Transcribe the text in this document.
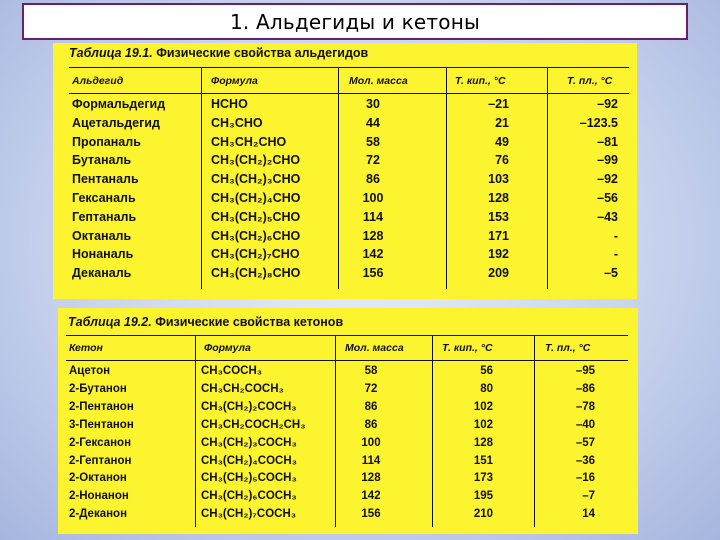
1. Альдегиды и кетоны
Таблица 19.1. Физические свойства альдегидов
Альдегид	Формула	Мол. масса	Т. кип., °С	Т. пл., °С
Формальдегид	HCHO	30	–21	–92
Ацетальдегид	CH₃CHO	44	21	–123.5
Пропаналь	CH₃CH₂CHO	58	49	–81
Бутаналь	CH₃(CH₂)₂CHO	72	76	–99
Пентаналь	CH₃(CH₂)₃CHO	86	103	–92
Гексаналь	CH₃(CH₂)₄CHO	100	128	–56
Гептаналь	CH₃(CH₂)₅CHO	114	153	–43
Октаналь	CH₃(CH₂)₆CHO	128	171	-
Нонаналь	CH₃(CH₂)₇CHO	142	192	-
Деканаль	CH₃(CH₂)₈CHO	156	209	–5
Таблица 19.2. Физические свойства кетонов
Кетон	Формула	Мол. масса	Т. кип., °С	Т. пл., °С
Ацетон	CH₃COCH₃	58	56	–95
2-Бутанон	CH₃CH₂COCH₃	72	80	–86
2-Пентанон	CH₃(CH₂)₂COCH₃	86	102	–78
3-Пентанон	CH₃CH₂COCH₂CH₃	86	102	–40
2-Гексанон	CH₃(CH₂)₃COCH₃	100	128	–57
2-Гептанон	CH₃(CH₂)₄COCH₃	114	151	–36
2-Октанон	CH₃(CH₂)₅COCH₃	128	173	–16
2-Нонанон	CH₃(CH₂)₆COCH₃	142	195	–7
2-Деканон	CH₃(CH₂)₇COCH₃	156	210	14
